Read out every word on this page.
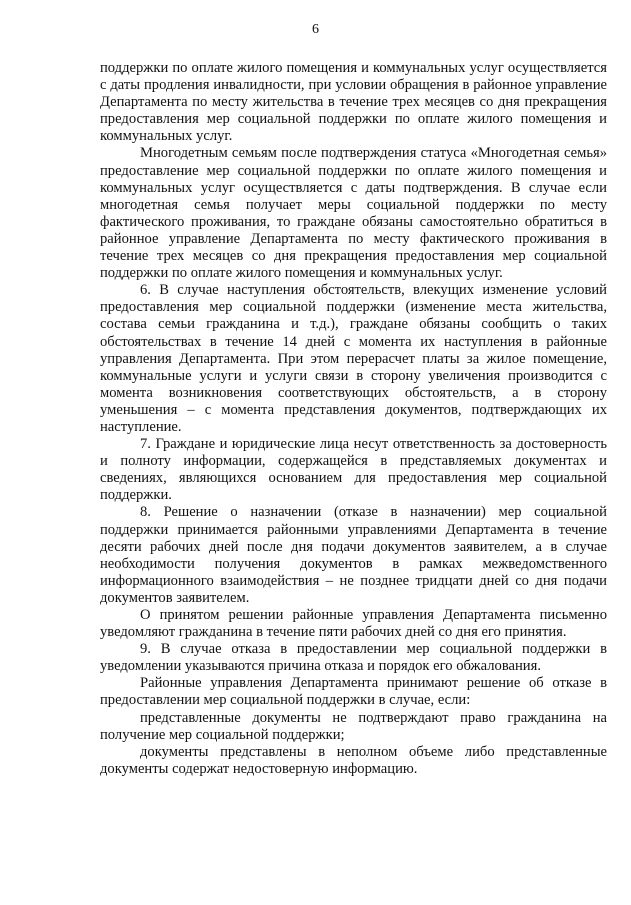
6

поддержки по оплате жилого помещения и коммунальных услуг осуществляется с даты продления инвалидности, при условии обращения в районное управление Департамента по месту жительства в течение трех месяцев со дня прекращения предоставления мер социальной поддержки по оплате жилого помещения и коммунальных услуг.

Многодетным семьям после подтверждения статуса «Многодетная семья» предоставление мер социальной поддержки по оплате жилого помещения и коммунальных услуг осуществляется с даты подтверждения. В случае если многодетная семья получает меры социальной поддержки по месту фактического проживания, то граждане обязаны самостоятельно обратиться в районное управление Департамента по месту фактического проживания в течение трех месяцев со дня прекращения предоставления мер социальной поддержки по оплате жилого помещения и коммунальных услуг.

6. В случае наступления обстоятельств, влекущих изменение условий предоставления мер социальной поддержки (изменение места жительства, состава семьи гражданина и т.д.), граждане обязаны сообщить о таких обстоятельствах в течение 14 дней с момента их наступления в районные управления Департамента. При этом перерасчет платы за жилое помещение, коммунальные услуги и услуги связи в сторону увеличения производится с момента возникновения соответствующих обстоятельств, а в сторону уменьшения – с момента представления документов, подтверждающих их наступление.

7. Граждане и юридические лица несут ответственность за достоверность и полноту информации, содержащейся в представляемых документах и сведениях, являющихся основанием для предоставления мер социальной поддержки.

8. Решение о назначении (отказе в назначении) мер социальной поддержки принимается районными управлениями Департамента в течение десяти рабочих дней после дня подачи документов заявителем, а в случае необходимости получения документов в рамках межведомственного информационного взаимодействия – не позднее тридцати дней со дня подачи документов заявителем.

О принятом решении районные управления Департамента письменно уведомляют гражданина в течение пяти рабочих дней со дня его принятия.

9. В случае отказа в предоставлении мер социальной поддержки в уведомлении указываются причина отказа и порядок его обжалования.

Районные управления Департамента принимают решение об отказе в предоставлении мер социальной поддержки в случае, если:

представленные документы не подтверждают право гражданина на получение мер социальной поддержки;

документы представлены в неполном объеме либо представленные документы содержат недостоверную информацию.
